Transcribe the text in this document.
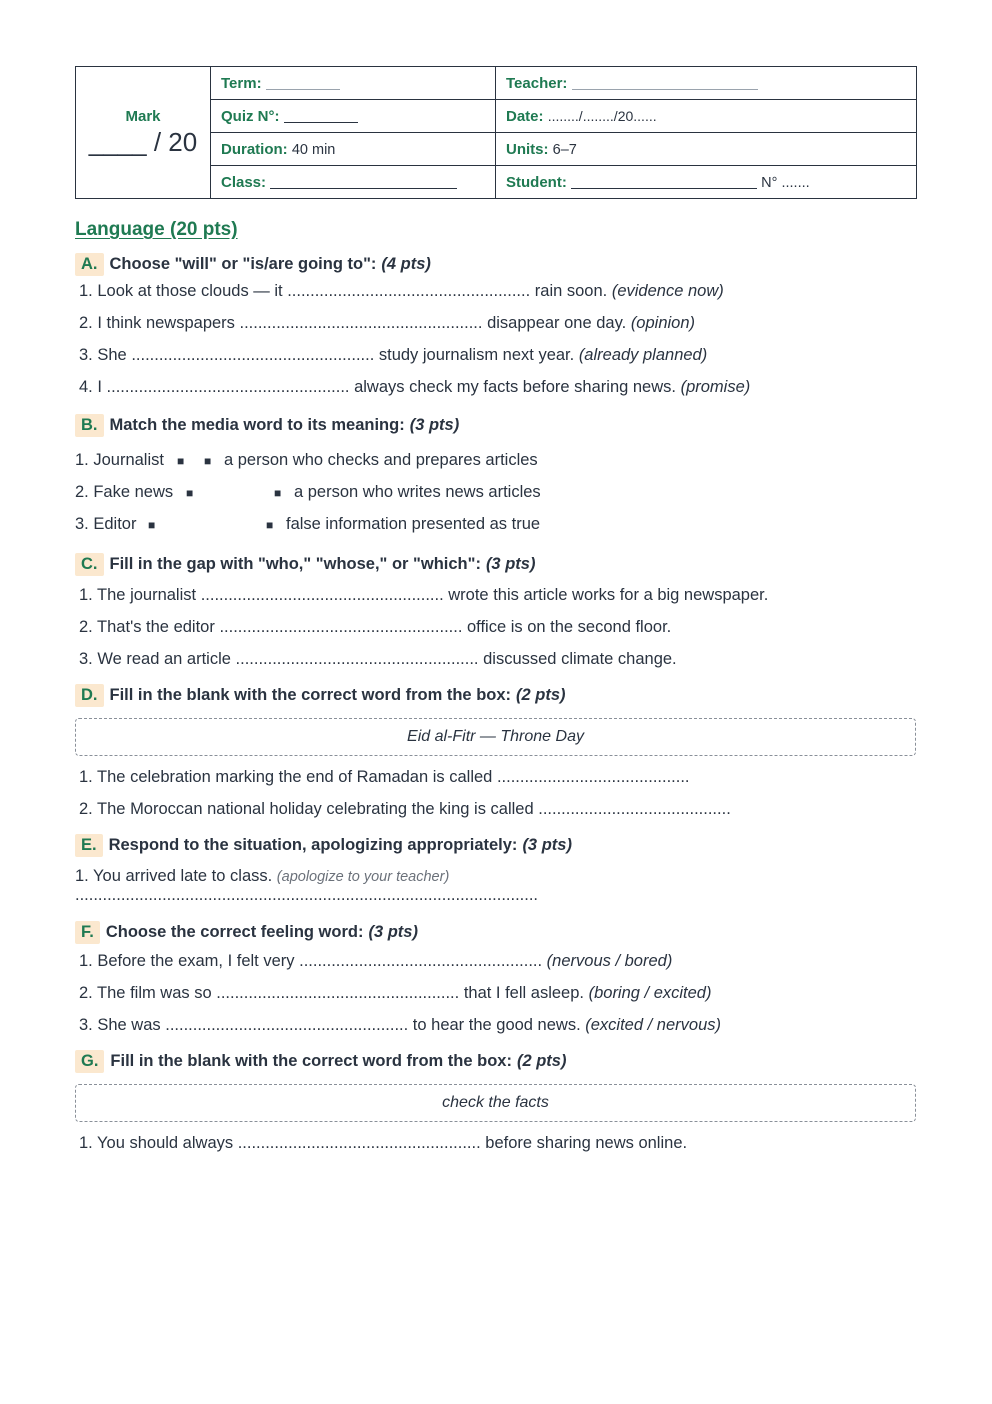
Mark
____ / 20	Term:	Teacher:
	Quiz N°:	Date: ......../......../20......
	Duration: 40 min	Units: 6–7
	Class:	Student: N° .......
Language (20 pts)
A. Choose "will" or "is/are going to": (4 pts)
1. Look at those clouds — it ..................................................... rain soon. (evidence now)
2. I think newspapers ..................................................... disappear one day. (opinion)
3. She ..................................................... study journalism next year. (already planned)
4. I ..................................................... always check my facts before sharing news. (promise)
B. Match the media word to its meaning: (3 pts)
1. Journalist ■ ■ a person who checks and prepares articles
2. Fake news ■	■ a person who writes news articles
3. Editor ■	■ false information presented as true
C. Fill in the gap with "who," "whose," or "which": (3 pts)
1. The journalist ..................................................... wrote this article works for a big newspaper.
2. That's the editor ..................................................... office is on the second floor.
3. We read an article ..................................................... discussed climate change.
D. Fill in the blank with the correct word from the box: (2 pts)
Eid al-Fitr — Throne Day
1. The celebration marking the end of Ramadan is called ..........................................
2. The Moroccan national holiday celebrating the king is called ..........................................
E. Respond to the situation, apologizing appropriately: (3 pts)
1. You arrived late to class. (apologize to your teacher)
.....................................................................................................
F. Choose the correct feeling word: (3 pts)
1. Before the exam, I felt very ..................................................... (nervous / bored)
2. The film was so ..................................................... that I fell asleep. (boring / excited)
3. She was ..................................................... to hear the good news. (excited / nervous)
G. Fill in the blank with the correct word from the box: (2 pts)
check the facts
1. You should always ..................................................... before sharing news online.
